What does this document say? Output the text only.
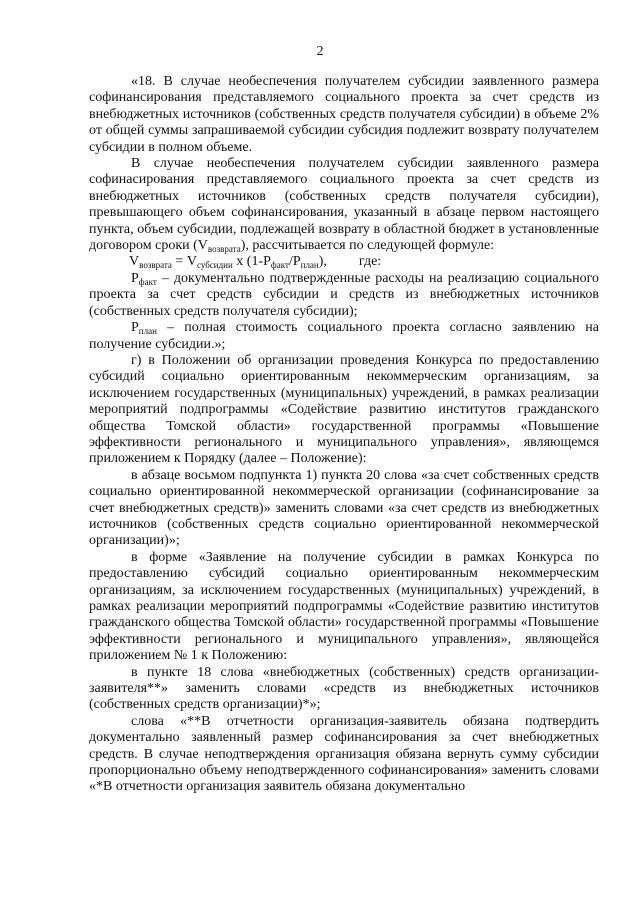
2

«18. В случае необеспечения получателем субсидии заявленного размера софинансирования представляемого социального проекта за счет средств из внебюджетных источников (собственных средств получателя субсидии) в объеме 2% от общей суммы запрашиваемой субсидии субсидия подлежит возврату получателем субсидии в полном объеме.

В случае необеспечения получателем субсидии заявленного размера софинасирования представляемого социального проекта за счет средств из внебюджетных источников (собственных средств получателя субсидии), превышающего объем софинансирования, указанный в абзаце первом настоящего пункта, объем субсидии, подлежащей возврату в областной бюджет в установленные договором сроки $(V_{возврата})$, рассчитывается по следующей формуле:

$V_{возврата} = V_{субсидии}$ х $(1-Р_{факт}/Р_{план})$, где:

$Р_{факт}$ – документально подтвержденные расходы на реализацию социального проекта за счет средств субсидии и средств из внебюджетных источников (собственных средств получателя субсидии);

$Р_{план}$ – полная стоимость социального проекта согласно заявлению на получение субсидии.»;

г) в Положении об организации проведения Конкурса по предоставлению субсидий социально ориентированным некоммерческим организациям, за исключением государственных (муниципальных) учреждений, в рамках реализации мероприятий подпрограммы «Содействие развитию институтов гражданского общества Томской области» государственной программы «Повышение эффективности регионального и муниципального управления», являющемся приложением к Порядку (далее – Положение):

в абзаце восьмом подпункта 1) пункта 20 слова «за счет собственных средств социально ориентированной некоммерческой организации (софинансирование за счет внебюджетных средств)» заменить словами «за счет средств из внебюджетных источников (собственных средств социально ориентированной некоммерческой организации)»;

в форме «Заявление на получение субсидии в рамках Конкурса по предоставлению субсидий социально ориентированным некоммерческим организациям, за исключением государственных (муниципальных) учреждений, в рамках реализации мероприятий подпрограммы «Содействие развитию институтов гражданского общества Томской области» государственной программы «Повышение эффективности регионального и муниципального управления», являющейся приложением № 1 к Положению:

в пункте 18 слова «внебюджетных (собственных) средств организации-заявителя**» заменить словами «средств из внебюджетных источников (собственных средств организации)*»;

слова «**В отчетности организация-заявитель обязана подтвердить документально заявленный размер софинансирования за счет внебюджетных средств. В случае неподтверждения организация обязана вернуть сумму субсидии пропорционально объему неподтвержденного софинансирования» заменить словами «*В отчетности организация заявитель обязана документально
